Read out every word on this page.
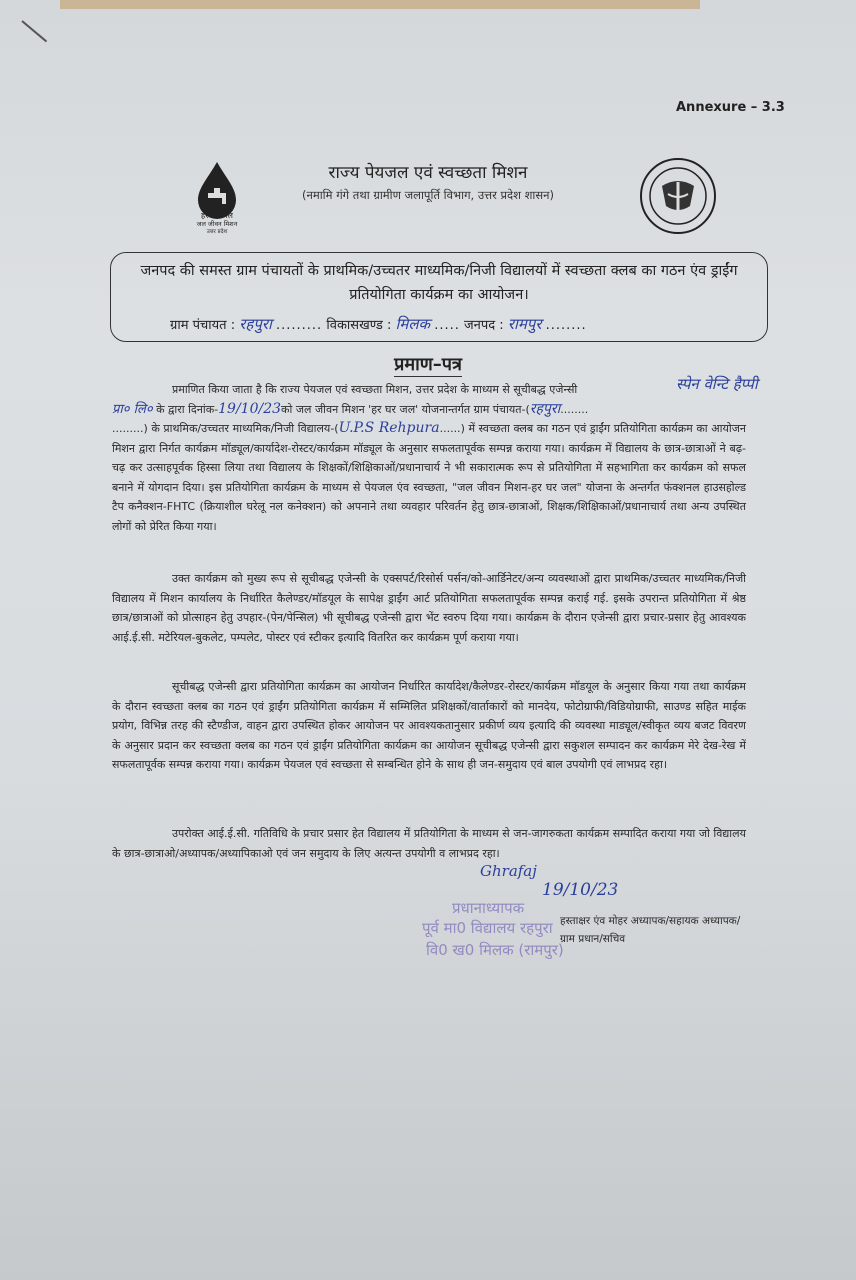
Annexure – 3.3
हर घर जल
जल जीवन मिशन
उत्तर प्रदेश
राज्य पेयजल एवं स्वच्छता मिशन
(नमामि गंगे तथा ग्रामीण जलापूर्ति विभाग, उत्तर प्रदेश शासन)
जनपद की समस्त ग्राम पंचायतों के प्राथमिक/उच्चतर माध्यमिक/निजी विद्यालयों में स्वच्छता क्लब का गठन एंव ड्राईंग प्रतियोगिता कार्यक्रम का आयोजन।
ग्राम पंचायत : रहपुरा ......... विकासखण्ड : मिलक ..... जनपद : रामपुर ........
प्रमाण–पत्र
स्पेन वेन्टि हैप्पी
प्रमाणित किया जाता है कि राज्य पेयजल एवं स्वच्छता मिशन, उत्तर प्रदेश के माध्यम से सूचीबद्ध एजेन्सी
प्रा० लि० के द्वारा दिनांक-19/10/23को जल जीवन मिशन 'हर घर जल' योजनान्तर्गत ग्राम पंचायत-(रहपुरा........
.........) के प्राथमिक/उच्चतर माध्यमिक/निजी विद्यालय-(U.P.S Rehpura......) में स्वच्छता क्लब का गठन एवं ड्राईंग प्रतियोगिता कार्यक्रम का आयोजन मिशन द्वारा निर्गत कार्यक्रम मॉड्यूल/कार्यादेश-रोस्टर/कार्यक्रम मॉड्यूल के अनुसार सफलतापूर्वक सम्पन्न कराया गया। कार्यक्रम में विद्यालय के छात्र-छात्राओं ने बढ़-चढ़ कर उत्साहपूर्वक हिस्सा लिया तथा विद्यालय के शिक्षकों/शिक्षिकाओं/प्रधानाचार्य ने भी सकारात्मक रूप से प्रतियोगिता में सहभागिता कर कार्यक्रम को सफल बनाने में योगदान दिया। इस प्रतियोगिता कार्यक्रम के माध्यम से पेयजल एंव स्वच्छता, "जल जीवन मिशन-हर घर जल" योजना के अन्तर्गत फंक्शनल हाउसहोल्ड टैप कनैक्शन-FHTC (क्रियाशील घरेलू नल कनेक्शन) को अपनाने तथा व्यवहार परिवर्तन हेतु छात्र-छात्राओं, शिक्षक/शिक्षिकाओं/प्रधानाचार्य तथा अन्य उपस्थित लोगों को प्रेरित किया गया।
उक्त कार्यक्रम को मुख्य रूप से सूचीबद्ध एजेन्सी के एक्सपर्ट/रिसोर्स पर्सन/को-आर्डिनेटर/अन्य व्यवस्थाओं द्वारा प्राथमिक/उच्चतर माध्यमिक/निजी विद्यालय में मिशन कार्यालय के निर्धारित कैलेण्डर/मॉडयूल के सापेक्ष ड्राईंग आर्ट प्रतियोगिता सफलतापूर्वक सम्पन्न कराई गई. इसके उपरान्त प्रतियोगिता में श्रेष्ठ छात्र/छात्राओं को प्रोत्साहन हेतु उपहार-(पेन/पेन्सिल) भी सूचीबद्ध एजेन्सी द्वारा भेंट स्वरुप दिया गया। कार्यक्रम के दौरान एजेन्सी द्वारा प्रचार-प्रसार हेतु आवश्यक आई.ई.सी. मटेरियल-बुकलेट, पम्पलेट, पोस्टर एवं स्टीकर इत्यादि वितरित कर कार्यक्रम पूर्ण कराया गया।
सूचीबद्ध एजेन्सी द्वारा प्रतियोगिता कार्यक्रम का आयोजन निर्धारित कार्यादेश/कैलेण्डर-रोस्टर/कार्यक्रम मॉडयूल के अनुसार किया गया तथा कार्यक्रम के दौरान स्वच्छता क्लब का गठन एवं ड्राईंग प्रतियोगिता कार्यक्रम में सम्मिलित प्रशिक्षकों/वार्ताकारों को मानदेय, फोटोग्राफी/विडियोग्राफी, साउण्ड सहित माईक प्रयोग, विभिन्न तरह की स्टैण्डीज, वाहन द्वारा उपस्थित होकर आयोजन पर आवश्यकतानुसार प्रकीर्ण व्यय इत्यादि की व्यवस्था माड्यूल/स्वीकृत व्यय बजट विवरण के अनुसार प्रदान कर स्वच्छता क्लब का गठन एवं ड्राईंग प्रतियोगिता कार्यक्रम का आयोजन सूचीबद्ध एजेन्सी द्वारा सकुशल सम्पादन कर कार्यक्रम मेरे देख-रेख में सफलतापूर्वक सम्पन्न कराया गया। कार्यक्रम पेयजल एवं स्वच्छता से सम्बन्धित होने के साथ ही जन-समुदाय एवं बाल उपयोगी एवं लाभप्रद रहा।
उपरोक्त आई.ई.सी. गतिविधि के प्रचार प्रसार हेत विद्यालय में प्रतियोगिता के माध्यम से जन-जागरुकता कार्यक्रम सम्पादित कराया गया जो विद्यालय के छात्र-छात्राओ/अध्यापक/अध्यापिकाओ एवं जन समुदाय के लिए अत्यन्त उपयोगी व लाभप्रद रहा।
Ghrafaj
19/10/23
प्रधानाध्यापक
पूर्व मा0 विद्यालय रहपुरा
वि0 ख0 मिलक (रामपुर)
हस्ताक्षर एंव मोहर अध्यापक/सहायक अध्यापक/ग्राम प्रधान/सचिव
